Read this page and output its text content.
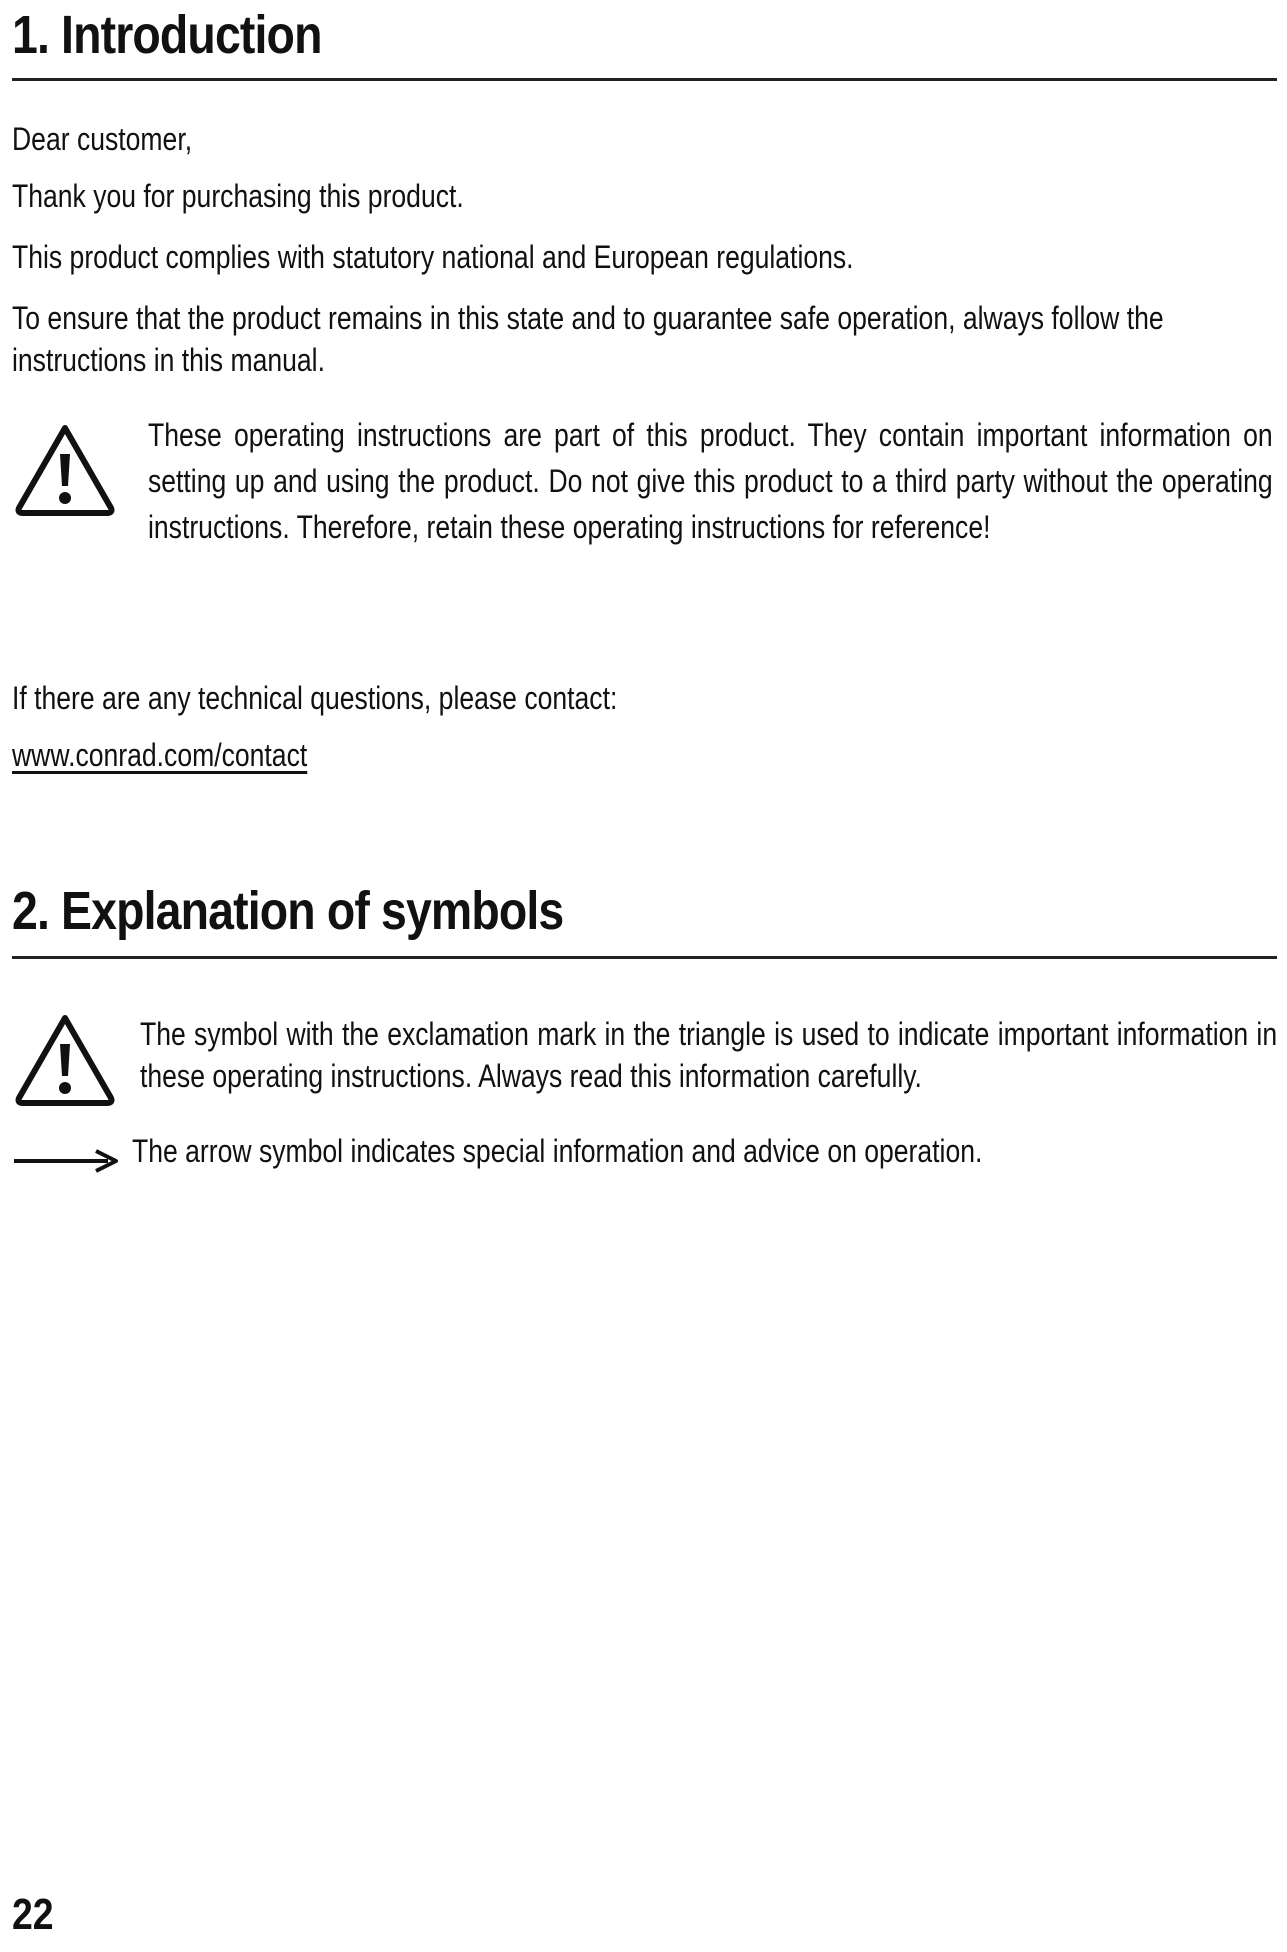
1. Introduction

Dear customer,

Thank you for purchasing this product.

This product complies with statutory national and European regulations.

To ensure that the product remains in this state and to guarantee safe operation, always follow the instructions in this manual.

These operating instructions are part of this product. They contain important information on setting up and using the product. Do not give this product to a third party without the operating instructions. Therefore, retain these operating instructions for reference!

If there are any technical questions, please contact:

www.conrad.com/contact
2. Explanation of symbols

The symbol with the exclamation mark in the triangle is used to indicate important information in these operating instructions. Always read this information carefully.

The arrow symbol indicates special information and advice on operation.

22
